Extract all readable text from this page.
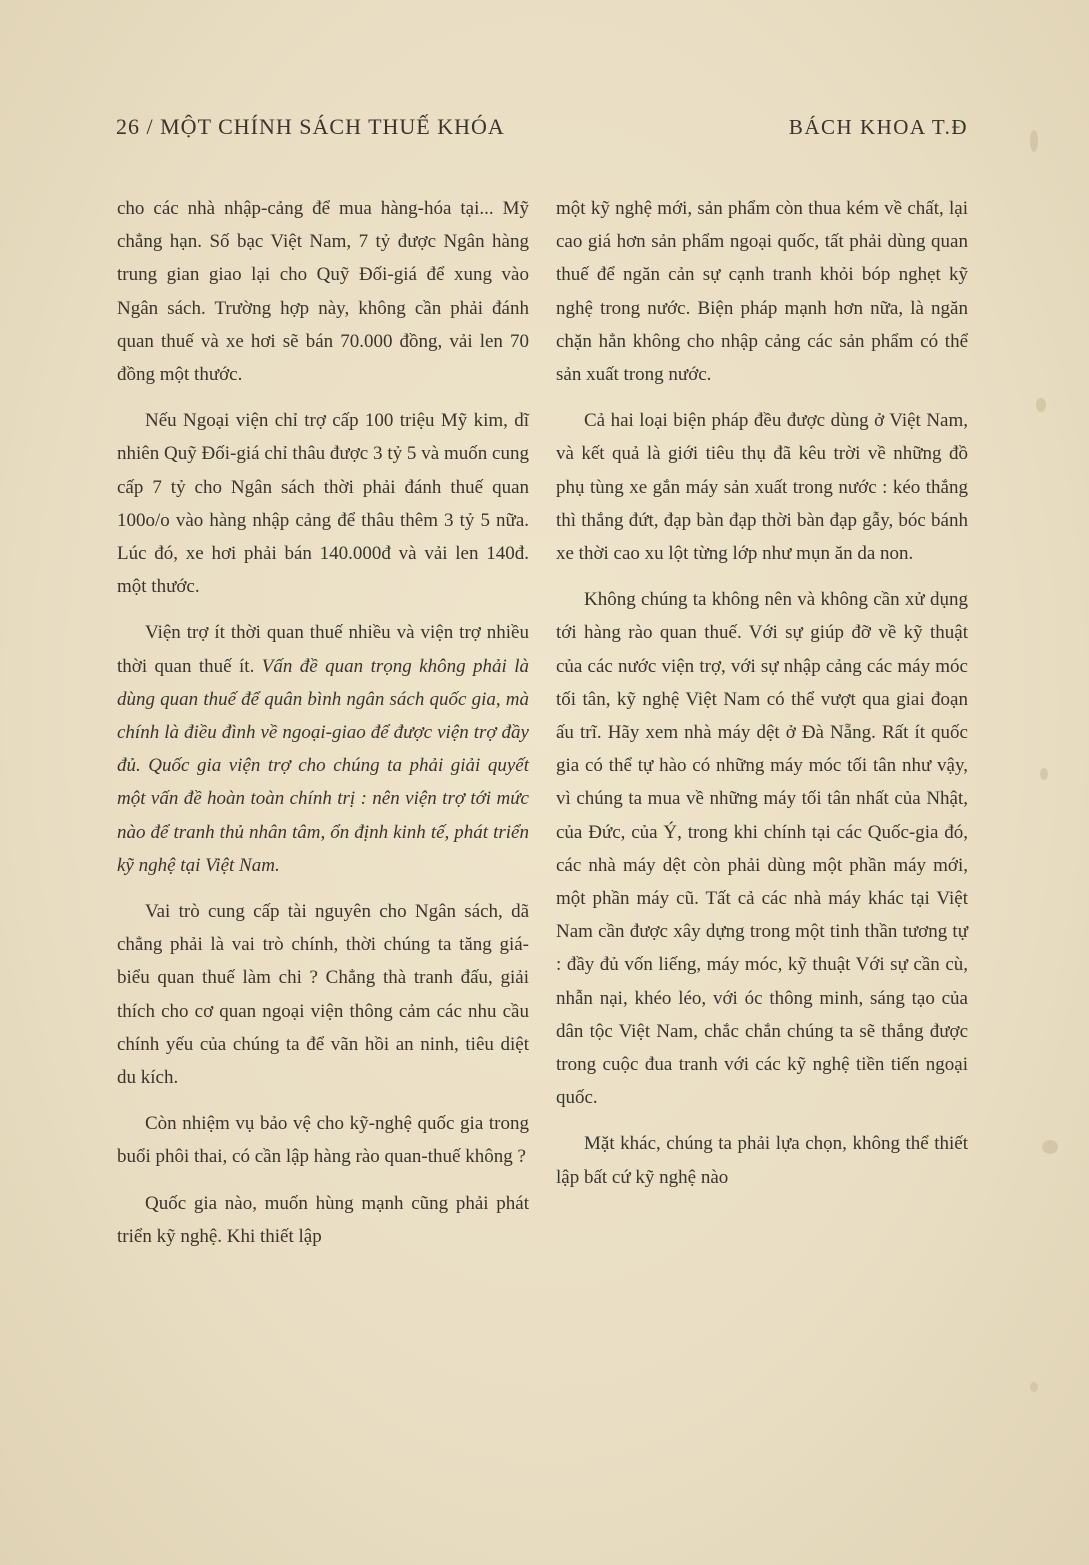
26 / MỘT CHÍNH SÁCH THUẾ KHÓA	BÁCH KHOA T.Đ

cho các nhà nhập-cảng để mua hàng-hóa tại... Mỹ chẳng hạn. Số bạc Việt Nam, 7 tỷ được Ngân hàng trung gian giao lại cho Quỹ Đối-giá để xung vào Ngân sách. Trường hợp này, không cần phải đánh quan thuế và xe hơi sẽ bán 70.000 đồng, vải len 70 đồng một thước.

Nếu Ngoại viện chỉ trợ cấp 100 triệu Mỹ kim, dĩ nhiên Quỹ Đối-giá chỉ thâu được 3 tỷ 5 và muốn cung cấp 7 tỷ cho Ngân sách thời phải đánh thuế quan 100o/o vào hàng nhập cảng để thâu thêm 3 tỷ 5 nữa. Lúc đó, xe hơi phải bán 140.000đ và vải len 140đ. một thước.

Viện trợ ít thời quan thuế nhiều và viện trợ nhiều thời quan thuế ít. Vấn đề quan trọng không phải là dùng quan thuế để quân bình ngân sách quốc gia, mà chính là điều đình về ngoại-giao để được viện trợ đầy đủ. Quốc gia viện trợ cho chúng ta phải giải quyết một vấn đề hoàn toàn chính trị : nên viện trợ tới mức nào để tranh thủ nhân tâm, ổn định kinh tế, phát triển kỹ nghệ tại Việt Nam.

Vai trò cung cấp tài nguyên cho Ngân sách, dã chẳng phải là vai trò chính, thời chúng ta tăng giá-biểu quan thuế làm chi ? Chẳng thà tranh đấu, giải thích cho cơ quan ngoại viện thông cảm các nhu cầu chính yếu của chúng ta để vãn hồi an ninh, tiêu diệt du kích.

Còn nhiệm vụ bảo vệ cho kỹ-nghệ quốc gia trong buổi phôi thai, có cần lập hàng rào quan-thuế không ?

Quốc gia nào, muốn hùng mạnh cũng phải phát triển kỹ nghệ. Khi thiết lập

một kỹ nghệ mới, sản phẩm còn thua kém về chất, lại cao giá hơn sản phẩm ngoại quốc, tất phải dùng quan thuế để ngăn cản sự cạnh tranh khỏi bóp nghẹt kỹ nghệ trong nước. Biện pháp mạnh hơn nữa, là ngăn chặn hẳn không cho nhập cảng các sản phẩm có thể sản xuất trong nước.

Cả hai loại biện pháp đều được dùng ở Việt Nam, và kết quả là giới tiêu thụ đã kêu trời về những đồ phụ tùng xe gắn máy sản xuất trong nước : kéo thắng thì thắng đứt, đạp bàn đạp thời bàn đạp gẫy, bóc bánh xe thời cao xu lột từng lớp như mụn ăn da non.

Không chúng ta không nên và không cần xử dụng tới hàng rào quan thuế. Với sự giúp đỡ về kỹ thuật của các nước viện trợ, với sự nhập cảng các máy móc tối tân, kỹ nghệ Việt Nam có thể vượt qua giai đoạn ấu trĩ. Hãy xem nhà máy dệt ở Đà Nẵng. Rất ít quốc gia có thể tự hào có những máy móc tối tân như vậy, vì chúng ta mua về những máy tối tân nhất của Nhật, của Đức, của Ý, trong khi chính tại các Quốc-gia đó, các nhà máy dệt còn phải dùng một phần máy mới, một phần máy cũ. Tất cả các nhà máy khác tại Việt Nam cần được xây dựng trong một tinh thần tương tự : đầy đủ vốn liếng, máy móc, kỹ thuật Với sự cần cù, nhẫn nại, khéo léo, với óc thông minh, sáng tạo của dân tộc Việt Nam, chắc chắn chúng ta sẽ thắng được trong cuộc đua tranh với các kỹ nghệ tiền tiến ngoại quốc.

Mặt khác, chúng ta phải lựa chọn, không thể thiết lập bất cứ kỹ nghệ nào
